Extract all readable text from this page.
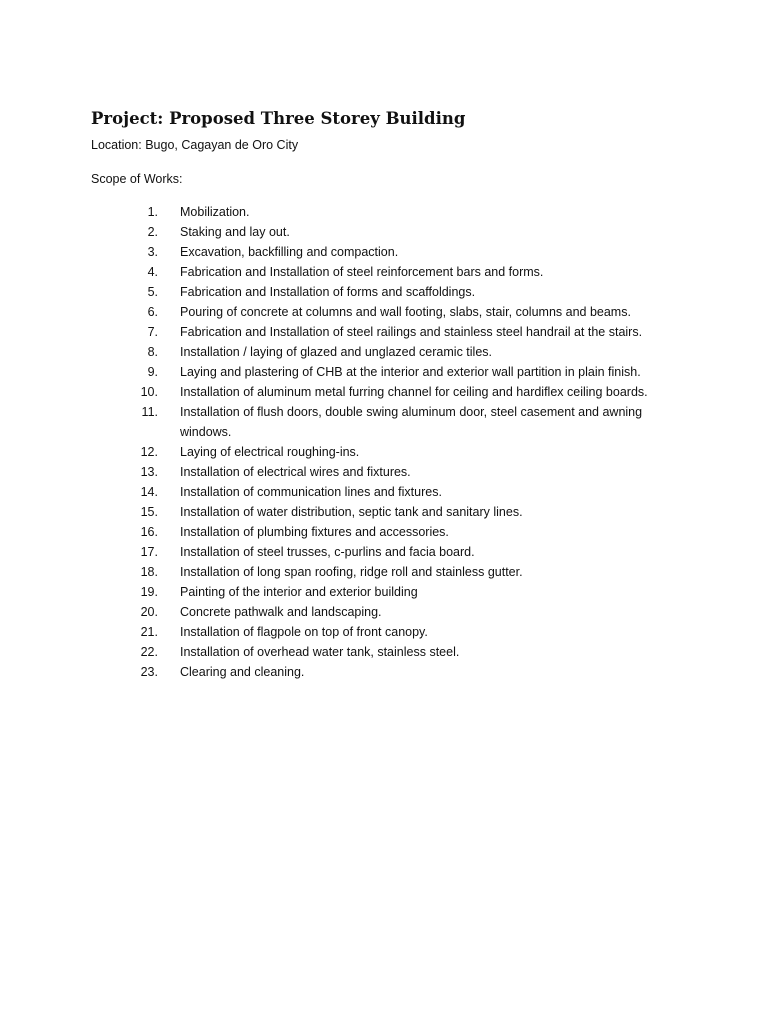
Project: Proposed Three Storey Building

Location: Bugo, Cagayan de Oro City

Scope of Works:

1. Mobilization.
2. Staking and lay out.
3. Excavation, backfilling and compaction.
4. Fabrication and Installation of steel reinforcement bars and forms.
5. Fabrication and Installation of forms and scaffoldings.
6. Pouring of concrete at columns and wall footing, slabs, stair, columns and beams.
7. Fabrication and Installation of steel railings and stainless steel handrail at the stairs.
8. Installation / laying of glazed and unglazed ceramic tiles.
9. Laying and plastering of CHB at the interior and exterior wall partition in plain finish.
10. Installation of aluminum metal furring channel for ceiling and hardiflex ceiling boards.
11. Installation of flush doors, double swing aluminum door, steel casement and awning windows.
12. Laying of electrical roughing-ins.
13. Installation of electrical wires and fixtures.
14. Installation of communication lines and fixtures.
15. Installation of water distribution, septic tank and sanitary lines.
16. Installation of plumbing fixtures and accessories.
17. Installation of steel trusses, c-purlins and facia board.
18. Installation of long span roofing, ridge roll and stainless gutter.
19. Painting of the interior and exterior building
20. Concrete pathwalk and landscaping.
21. Installation of flagpole on top of front canopy.
22. Installation of overhead water tank, stainless steel.
23. Clearing and cleaning.
